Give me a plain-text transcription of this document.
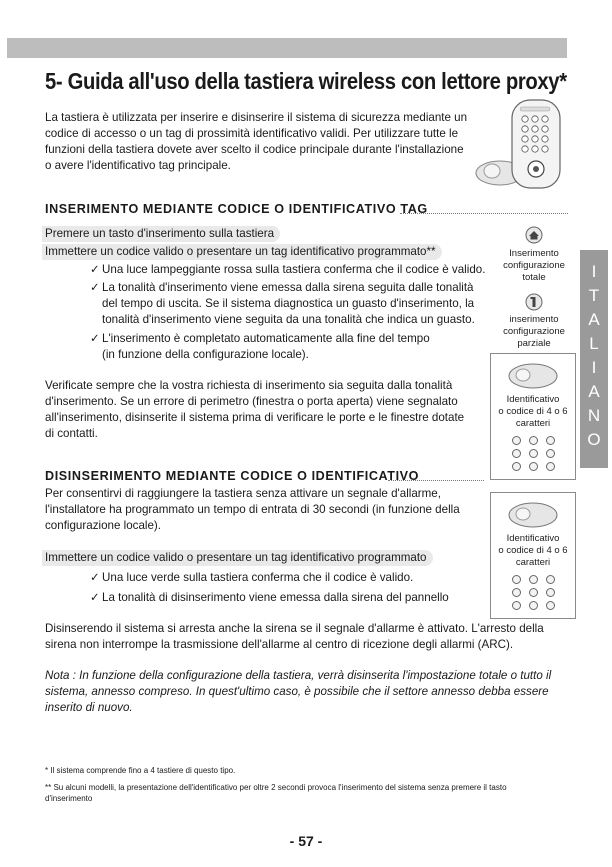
5- Guida all'uso della tastiera wireless con lettore proxy*
La tastiera è utilizzata per inserire e disinserire il sistema di sicurezza mediante un
codice di accesso o un tag di prossimità identificativo validi. Per utilizzare tutte le
funzioni della tastiera dovete aver scelto il codice principale durante l'installazione
o avere l'identificativo tag principale.
INSERIMENTO MEDIANTE CODICE O IDENTIFICATIVO TAG
Premere un tasto d'inserimento sulla tastiera
Immettere un codice valido o presentare un tag identificativo programmato**
✓ Una luce lampeggiante rossa sulla tastiera conferma che il codice è valido.
✓ La tonalità d'inserimento viene emessa dalla sirena seguita dalle tonalità
del tempo di uscita. Se il sistema diagnostica un guasto d'inserimento, la
tonalità d'inserimento viene seguita da una tonalità che indica un guasto.
✓ L'inserimento è completato automaticamente alla fine del tempo
(in funzione della configurazione locale).
Verificate sempre che la vostra richiesta di inserimento sia seguita dalla tonalità
d'inserimento. Se un errore di perimetro (finestra o porta aperta) viene segnalato
all'inserimento, disinserite il sistema prima di verificare le porte e le finestre dotate
di contatti.
Inserimento
configurazione
totale
inserimento
configurazione
parziale
Identificativo
o codice di 4 o 6
caratteri

I
T
A
L
I
A
N
O
DISINSERIMENTO MEDIANTE CODICE O IDENTIFICATIVO
Per consentirvi di raggiungere la tastiera senza attivare un segnale d'allarme,
l'installatore ha programmato un tempo di entrata di 30 secondi (in funzione della
configurazione locale).
Immettere un codice valido o presentare un tag identificativo programmato
✓ Una luce verde sulla tastiera conferma che il codice è valido.
✓ La tonalità di disinserimento viene emessa dalla sirena del pannello
Identificativo
o codice di 4 o 6
caratteri

Disinserendo il sistema si arresta anche la sirena se il segnale d'allarme è attivato. L'arresto della
sirena non interrompe la trasmissione dell'allarme al centro di ricezione degli allarmi (ARC).
Nota : In funzione della configurazione della tastiera, verrà disinserita l'impostazione totale o tutto il
sistema, annesso compreso. In quest'ultimo caso, è possibile che il settore annesso debba essere
inserito di nuovo.
* Il sistema comprende fino a 4 tastiere di questo tipo.
** Su alcuni modelli, la presentazione dell'identificativo per oltre 2 secondi provoca l'inserimento del sistema senza premere il tasto
d'inserimento
- 57 -
